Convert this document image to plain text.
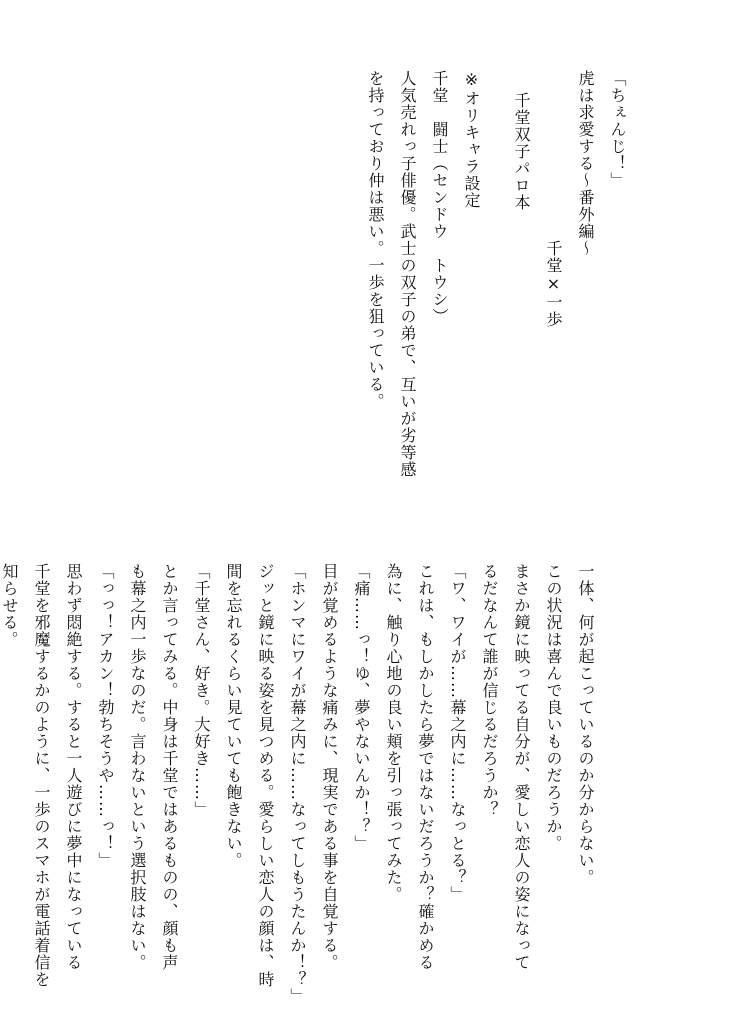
「ちぇんじ！」
虎は求愛する〜番外編〜
千堂×一歩
千堂双子パロ本
※オリキャラ設定
千堂　闘士（センドウ　トウシ）
人気売れっ子俳優。武士の双子の弟で、互いが劣等感
を持っており仲は悪い。一歩を狙っている。
一体、何が起こっているのか分からない。
この状況は喜んで良いものだろうか。
まさか鏡に映ってる自分が、愛しい恋人の姿になって
るだなんて誰が信じるだろうか？
「ワ、ワイが……幕之内に……なっとる？」
これは、もしかしたら夢ではないだろうか？確かめる
為に、触り心地の良い頬を引っ張ってみた。
「痛……っ！ゆ、夢やないんか！？」
目が覚めるような痛みに、現実である事を自覚する。
「ホンマにワイが幕之内に……なってしもうたんか！？」
ジッと鏡に映る姿を見つめる。愛らしい恋人の顔は、時
間を忘れるくらい見ていても飽きない。
「千堂さん、好き。大好き……」
とか言ってみる。中身は千堂ではあるものの、顔も声
も幕之内一歩なのだ。言わないという選択肢はない。
「っっ！アカン！勃ちそうや……っ！」
思わず悶絶する。すると一人遊びに夢中になっている
千堂を邪魔するかのように、一歩のスマホが電話着信を
知らせる。
